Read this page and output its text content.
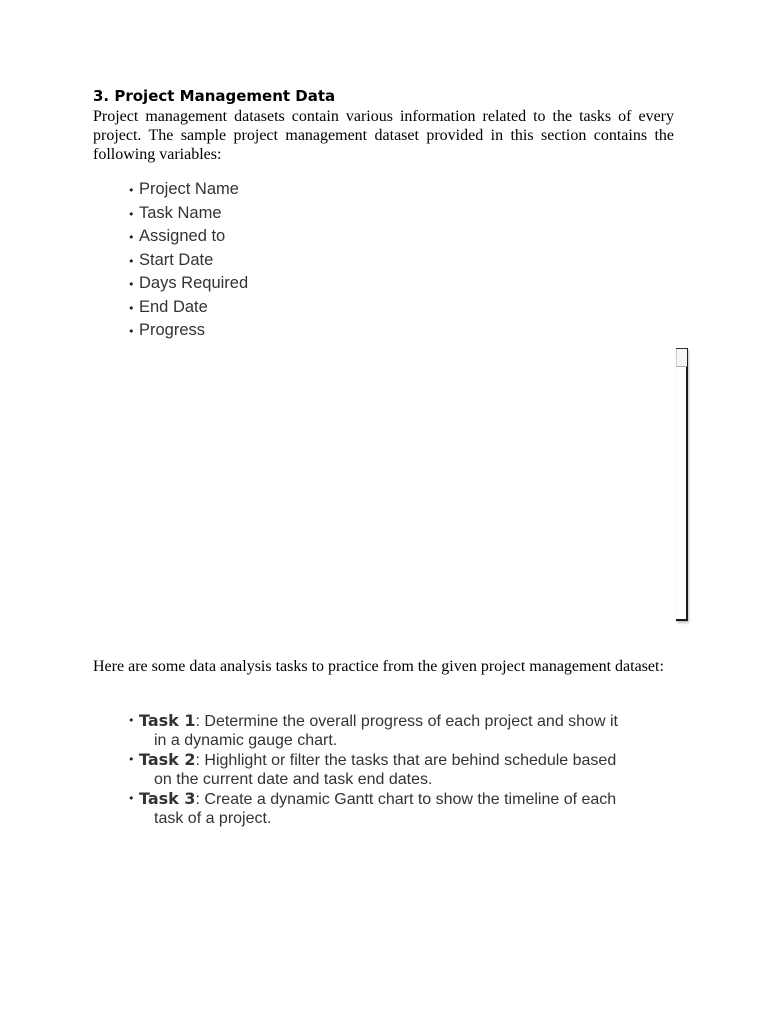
3. Project Management Data

Project management datasets contain various information related to the tasks of every project. The sample project management dataset provided in this section contains the following variables:

• Project Name
• Task Name
• Assigned to
• Start Date
• Days Required
• End Date
• Progress

Here are some data analysis tasks to practice from the given project management dataset:

• Task 1: Determine the overall progress of each project and show it
in a dynamic gauge chart.
• Task 2: Highlight or filter the tasks that are behind schedule based
on the current date and task end dates.
• Task 3: Create a dynamic Gantt chart to show the timeline of each
task of a project.
